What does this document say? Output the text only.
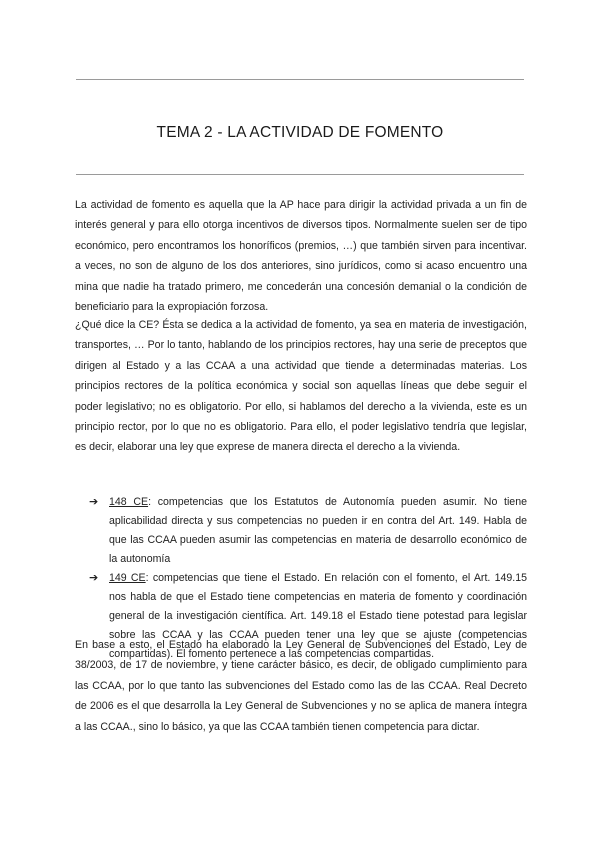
TEMA 2 - LA ACTIVIDAD DE FOMENTO

La actividad de fomento es aquella que la AP hace para dirigir la actividad privada a un fin de interés general y para ello otorga incentivos de diversos tipos. Normalmente suelen ser de tipo económico, pero encontramos los honoríficos (premios, …) que también sirven para incentivar. a veces, no son de alguno de los dos anteriores, sino jurídicos, como si acaso encuentro una mina que nadie ha tratado primero, me concederán una concesión demanial o la condición de beneficiario para la expropiación forzosa.

¿Qué dice la CE? Ésta se dedica a la actividad de fomento, ya sea en materia de investigación, transportes, … Por lo tanto, hablando de los principios rectores, hay una serie de preceptos que dirigen al Estado y a las CCAA a una actividad que tiende a determinadas materias. Los principios rectores de la política económica y social son aquellas líneas que debe seguir el poder legislativo; no es obligatorio. Por ello, si hablamos del derecho a la vivienda, este es un principio rector, por lo que no es obligatorio. Para ello, el poder legislativo tendría que legislar, es decir, elaborar una ley que exprese de manera directa el derecho a la vivienda.

➔ 148 CE: competencias que los Estatutos de Autonomía pueden asumir. No tiene aplicabilidad directa y sus competencias no pueden ir en contra del Art. 149. Habla de que las CCAA pueden asumir las competencias en materia de desarrollo económico de la autonomía
➔ 149 CE: competencias que tiene el Estado. En relación con el fomento, el Art. 149.15 nos habla de que el Estado tiene competencias en materia de fomento y coordinación general de la investigación científica. Art. 149.18 el Estado tiene potestad para legislar sobre las CCAA y las CCAA pueden tener una ley que se ajuste (competencias compartidas). El fomento pertenece a las competencias compartidas.

En base a esto, el Estado ha elaborado la Ley General de Subvenciones del Estado, Ley de 38/2003, de 17 de noviembre, y tiene carácter básico, es decir, de obligado cumplimiento para las CCAA, por lo que tanto las subvenciones del Estado como las de las CCAA. Real Decreto de 2006 es el que desarrolla la Ley General de Subvenciones y no se aplica de manera íntegra a las CCAA., sino lo básico, ya que las CCAA también tienen competencia para dictar.
